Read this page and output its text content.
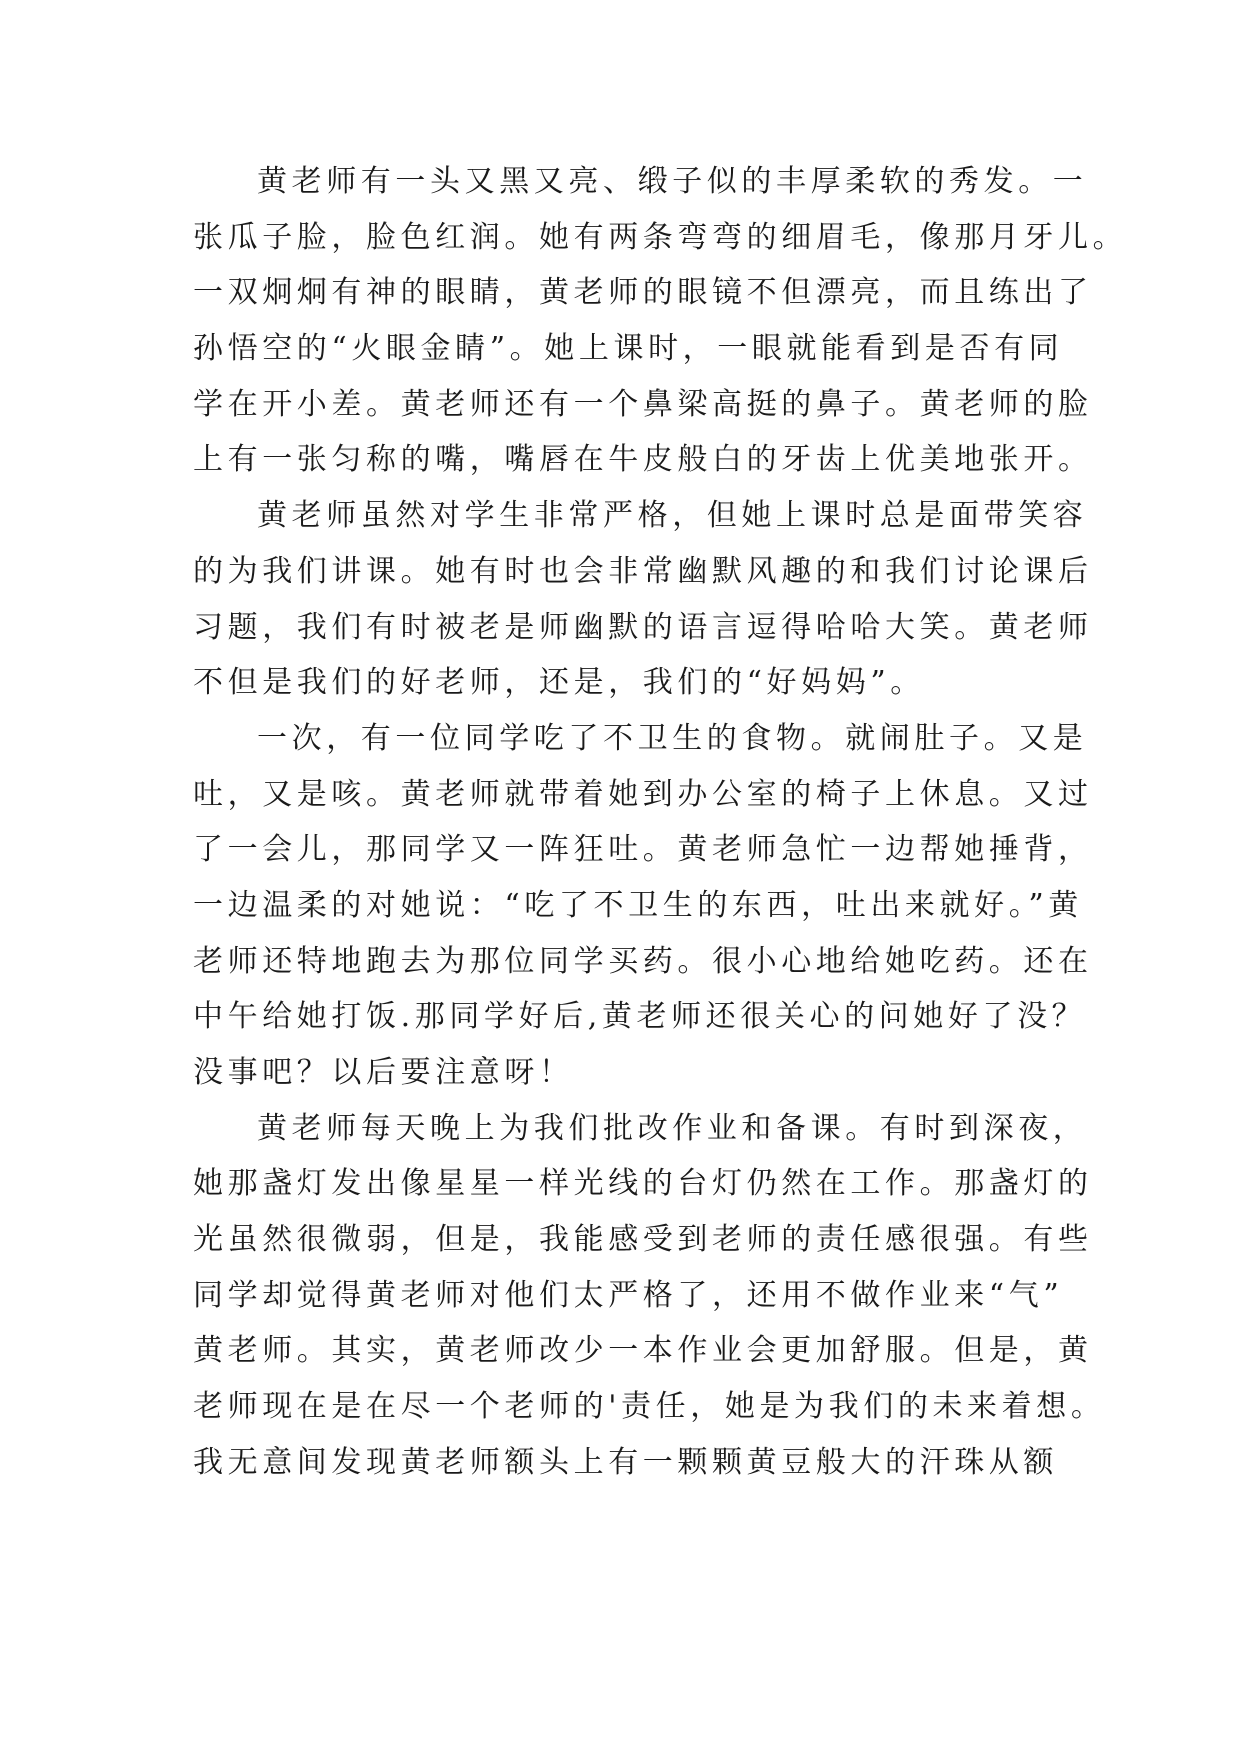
黄老师有一头又黑又亮、缎子似的丰厚柔软的秀发。一
张瓜子脸，脸色红润。她有两条弯弯的细眉毛，像那月牙儿。
一双炯炯有神的眼睛，黄老师的眼镜不但漂亮，而且练出了
孙悟空的“火眼金睛”。她上课时，一眼就能看到是否有同
学在开小差。黄老师还有一个鼻梁高挺的鼻子。黄老师的脸
上有一张匀称的嘴，嘴唇在牛皮般白的牙齿上优美地张开。
黄老师虽然对学生非常严格，但她上课时总是面带笑容
的为我们讲课。她有时也会非常幽默风趣的和我们讨论课后
习题，我们有时被老是师幽默的语言逗得哈哈大笑。黄老师
不但是我们的好老师，还是，我们的“好妈妈”。
一次，有一位同学吃了不卫生的食物。就闹肚子。又是
吐，又是咳。黄老师就带着她到办公室的椅子上休息。又过
了一会儿，那同学又一阵狂吐。黄老师急忙一边帮她捶背，
一边温柔的对她说：“吃了不卫生的东西，吐出来就好。”黄
老师还特地跑去为那位同学买药。很小心地给她吃药。还在
中午给她打饭.那同学好后,黄老师还很关心的问她好了没？
没事吧？以后要注意呀！
黄老师每天晚上为我们批改作业和备课。有时到深夜，
她那盏灯发出像星星一样光线的台灯仍然在工作。那盏灯的
光虽然很微弱，但是，我能感受到老师的责任感很强。有些
同学却觉得黄老师对他们太严格了，还用不做作业来“气”
黄老师。其实，黄老师改少一本作业会更加舒服。但是，黄
老师现在是在尽一个老师的'责任，她是为我们的未来着想。
我无意间发现黄老师额头上有一颗颗黄豆般大的汗珠从额
